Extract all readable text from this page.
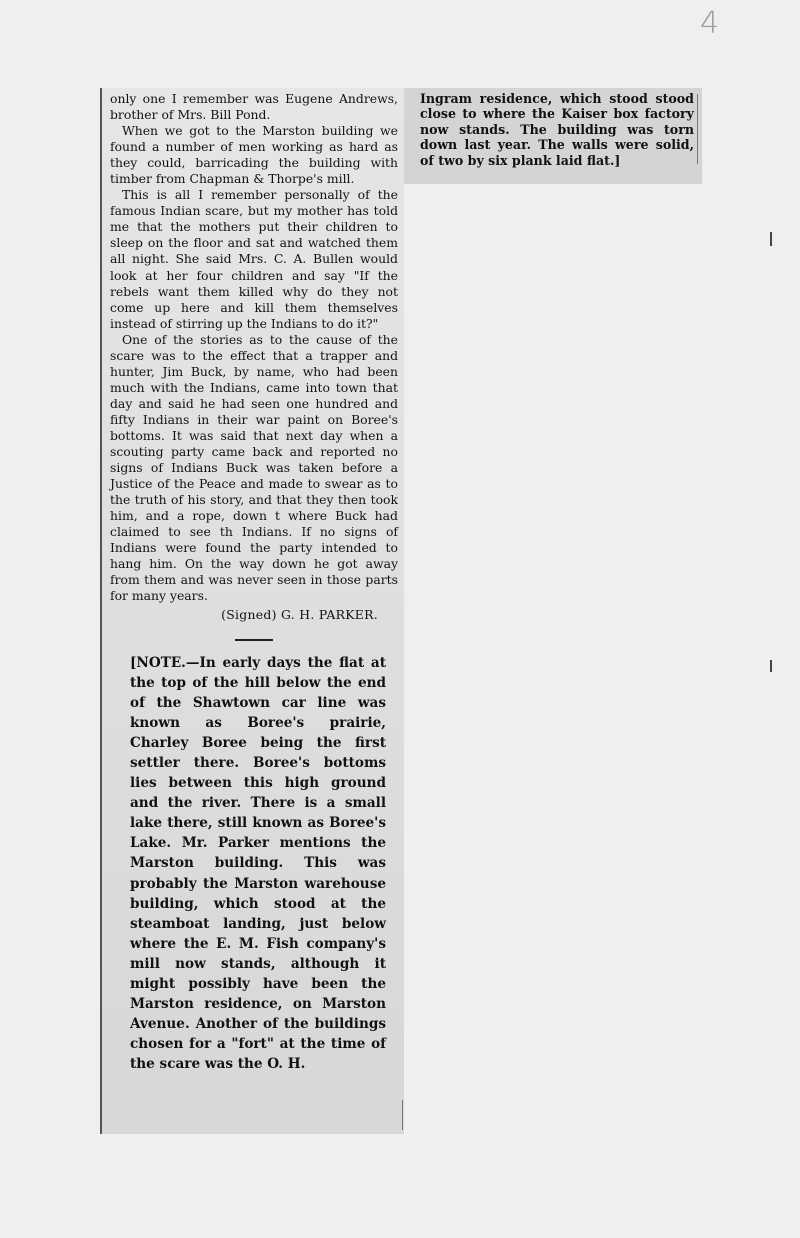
4

only one I remember was Eugene Andrews, brother of Mrs. Bill Pond.

When we got to the Marston building we found a number of men working as hard as they could, barricading the building with timber from Chapman & Thorpe's mill.

This is all I remember personally of the famous Indian scare, but my mother has told me that the mothers put their children to sleep on the floor and sat and watched them all night. She said Mrs. C. A. Bullen would look at her four children and say "If the rebels want them killed why do they not come up here and kill them themselves instead of stirring up the Indians to do it?"

One of the stories as to the cause of the scare was to the effect that a trapper and hunter, Jim Buck, by name, who had been much with the Indians, came into town that day and said he had seen one hundred and fifty Indians in their war paint on Boree's bottoms. It was said that next day when a scouting party came back and reported no signs of Indians Buck was taken before a Justice of the Peace and made to swear as to the truth of his story, and that they then took him, and a rope, down t where Buck had claimed to see th Indians. If no signs of Indians were found the party intended to hang him. On the way down he got away from them and was never seen in those parts for many years.

(Signed) G. H. PARKER.
[NOTE.—In early days the flat at the top of the hill below the end of the Shawtown car line was known as Boree's prairie, Charley Boree being the first settler there. Boree's bottoms lies between this high ground and the river. There is a small lake there, still known as Boree's Lake. Mr. Parker mentions the Marston building. This was probably the Marston warehouse building, which stood at the steamboat landing, just below where the E. M. Fish company's mill now stands, although it might possibly have been the Marston residence, on Marston Avenue. Another of the buildings chosen for a "fort" at the time of the scare was the O. H.
Ingram residence, which stood stood close to where the Kaiser box factory now stands. The building was torn down last year. The walls were solid, of two by six plank laid flat.]
